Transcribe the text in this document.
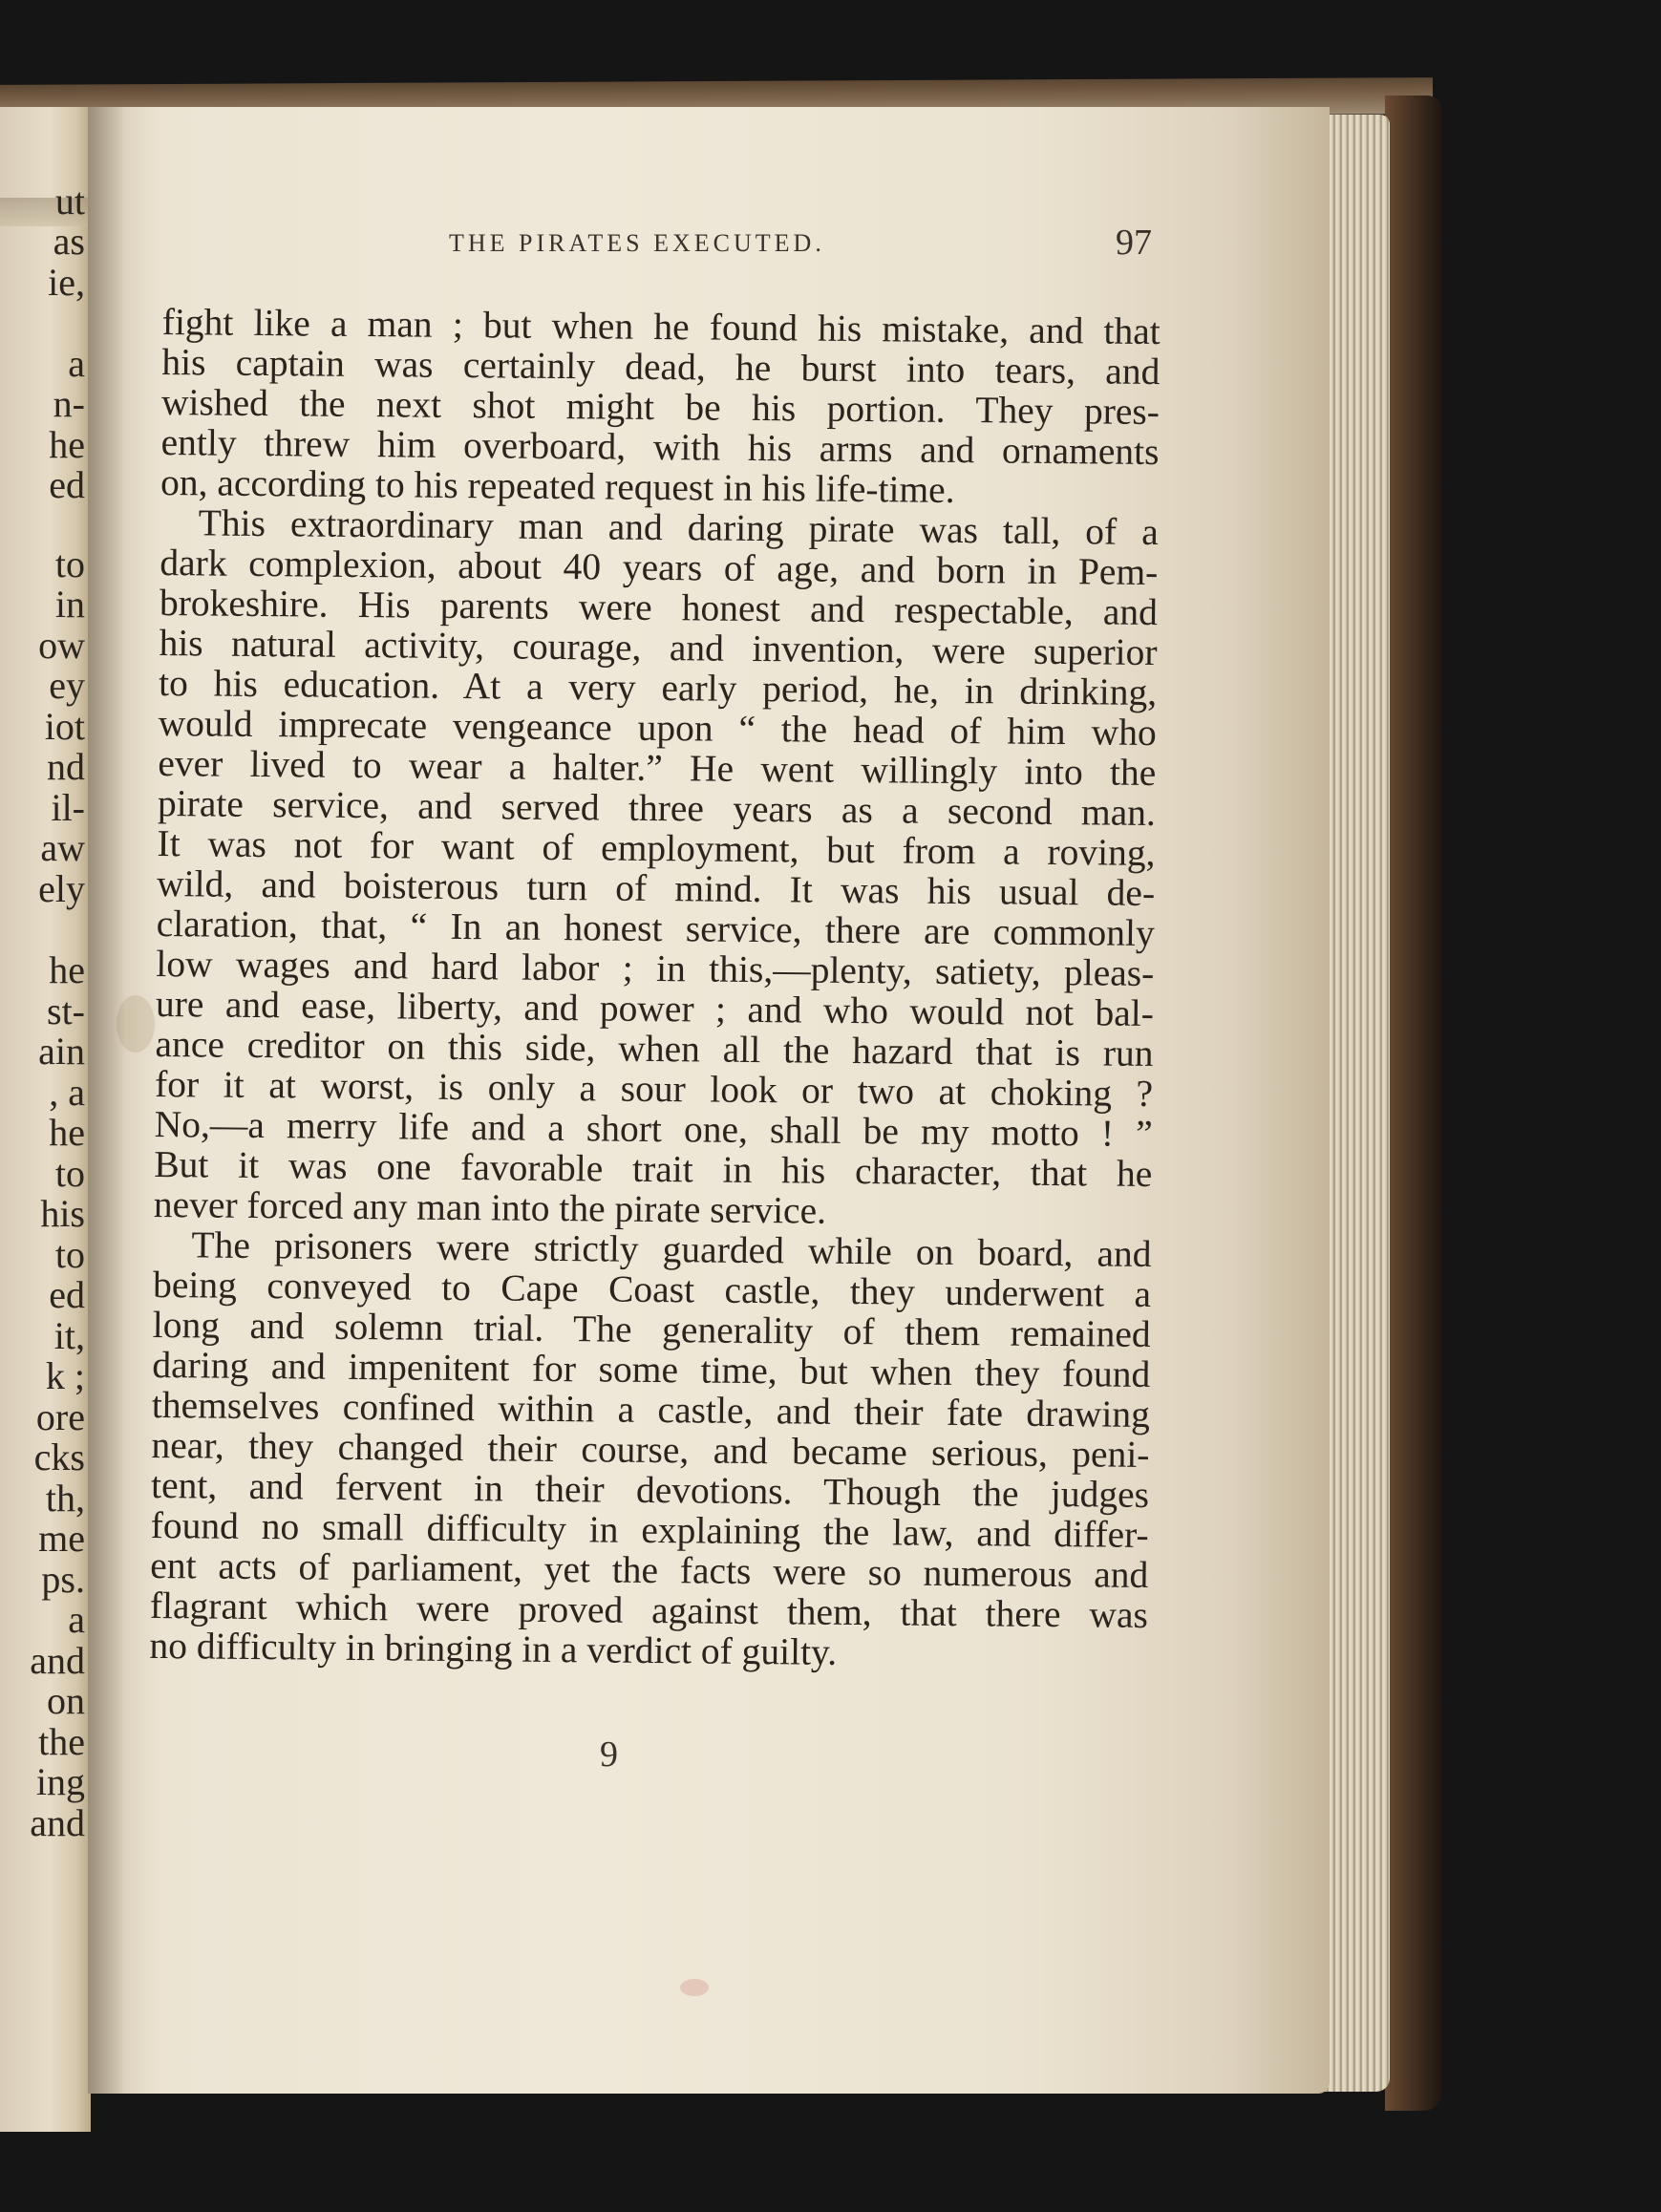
ut
as
ie,
a
n-
he
ed
to
in
ow
ey
iot
nd
il-
aw
ely
he
st-
ain
, a
he
to
his
to
ed
it,
k ;
ore
cks
th,
me
ps.
a
and
on
the
ing
and
THE PIRATES EXECUTED.	97
fight like a man ; but when he found his mistake, and that
his captain was certainly dead, he burst into tears, and
wished the next shot might be his portion. They pres-
ently threw him overboard, with his arms and ornaments
on, according to his repeated request in his life-time.
This extraordinary man and daring pirate was tall, of a
dark complexion, about 40 years of age, and born in Pem-
brokeshire. His parents were honest and respectable, and
his natural activity, courage, and invention, were superior
to his education. At a very early period, he, in drinking,
would imprecate vengeance upon “ the head of him who
ever lived to wear a halter.” He went willingly into the
pirate service, and served three years as a second man.
It was not for want of employment, but from a roving,
wild, and boisterous turn of mind. It was his usual de-
claration, that, “ In an honest service, there are commonly
low wages and hard labor ; in this,—plenty, satiety, pleas-
ure and ease, liberty, and power ; and who would not bal-
ance creditor on this side, when all the hazard that is run
for it at worst, is only a sour look or two at choking ?
No,—a merry life and a short one, shall be my motto ! ”
But it was one favorable trait in his character, that he
never forced any man into the pirate service.
The prisoners were strictly guarded while on board, and
being conveyed to Cape Coast castle, they underwent a
long and solemn trial. The generality of them remained
daring and impenitent for some time, but when they found
themselves confined within a castle, and their fate drawing
near, they changed their course, and became serious, peni-
tent, and fervent in their devotions. Though the judges
found no small difficulty in explaining the law, and differ-
ent acts of parliament, yet the facts were so numerous and
flagrant which were proved against them, that there was
no difficulty in bringing in a verdict of guilty.
9
